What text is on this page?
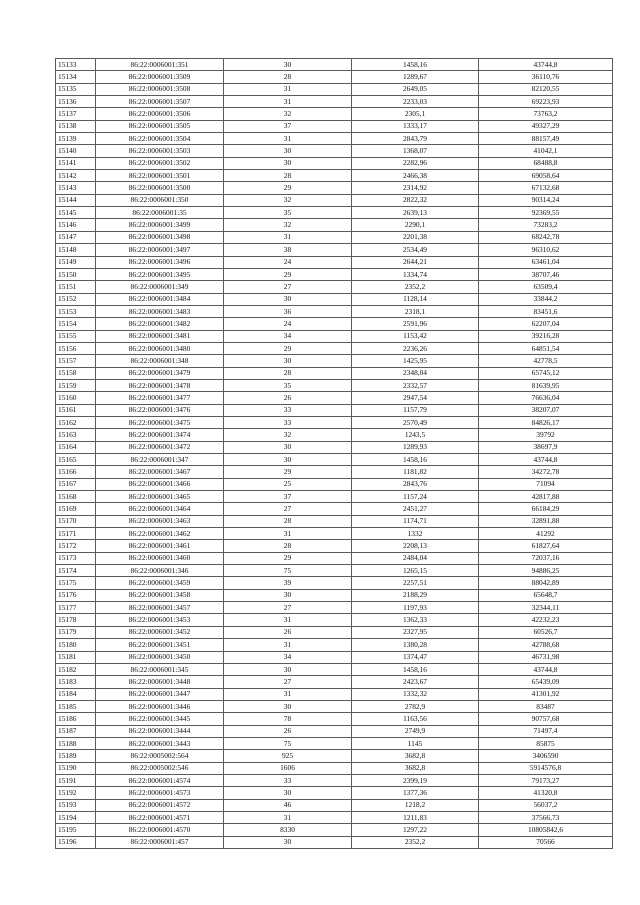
15133	86:22:0006001:351	30	1458,16	43744,8
15134	86:22:0006001:3509	28	1289,67	36110,76
15135	86:22:0006001:3508	31	2649,05	82120,55
15136	86:22:0006001:3507	31	2233,03	69223,93
15137	86:22:0006001:3506	32	2305,1	73763,2
15138	86:22:0006001:3505	37	1333,17	49327,29
15139	86:22:0006001:3504	31	2843,79	88157,49
15140	86:22:0006001:3503	30	1368,07	41042,1
15141	86:22:0006001:3502	30	2282,96	68488,8
15142	86:22:0006001:3501	28	2466,38	69058,64
15143	86:22:0006001:3500	29	2314,92	67132,68
15144	86:22:0006001:350	32	2822,32	90314,24
15145	86:22:0006001:35	35	2639,13	92369,55
15146	86:22:0006001:3499	32	2290,1	73283,2
15147	86:22:0006001:3498	31	2201,38	68242,78
15148	86:22:0006001:3497	38	2534,49	96310,62
15149	86:22:0006001:3496	24	2644,21	63461,04
15150	86:22:0006001:3495	29	1334,74	38707,46
15151	86:22:0006001:349	27	2352,2	63509,4
15152	86:22:0006001:3484	30	1128,14	33844,2
15153	86:22:0006001:3483	36	2318,1	83451,6
15154	86:22:0006001:3482	24	2591,96	62207,04
15155	86:22:0006001:3481	34	1153,42	39216,28
15156	86:22:0006001:3480	29	2236,26	64851,54
15157	86:22:0006001:348	30	1425,95	42778,5
15158	86:22:0006001:3479	28	2348,04	65745,12
15159	86:22:0006001:3478	35	2332,57	81639,95
15160	86:22:0006001:3477	26	2947,54	76636,04
15161	86:22:0006001:3476	33	1157,79	38207,07
15162	86:22:0006001:3475	33	2570,49	84826,17
15163	86:22:0006001:3474	32	1243,5	39792
15164	86:22:0006001:3472	30	1289,93	38697,9
15165	86:22:0006001:347	30	1458,16	43744,8
15166	86:22:0006001:3467	29	1181,82	34272,78
15167	86:22:0006001:3466	25	2843,76	71094
15168	86:22:0006001:3465	37	1157,24	42817,88
15169	86:22:0006001:3464	27	2451,27	66184,29
15170	86:22:0006001:3463	28	1174,71	32891,88
15171	86:22:0006001:3462	31	1332	41292
15172	86:22:0006001:3461	28	2208,13	61827,64
15173	86:22:0006001:3460	29	2484,04	72037,16
15174	86:22:0006001:346	75	1265,15	94886,25
15175	86:22:0006001:3459	39	2257,51	88042,89
15176	86:22:0006001:3458	30	2188,29	65648,7
15177	86:22:0006001:3457	27	1197,93	32344,11
15178	86:22:0006001:3453	31	1362,33	42232,23
15179	86:22:0006001:3452	26	2327,95	60526,7
15180	86:22:0006001:3451	31	1380,28	42788,68
15181	86:22:0006001:3450	34	1374,47	46731,98
15182	86:22:0006001:345	30	1458,16	43744,8
15183	86:22:0006001:3448	27	2423,67	65439,09
15184	86:22:0006001:3447	31	1332,32	41301,92
15185	86:22:0006001:3446	30	2782,9	83487
15186	86:22:0006001:3445	78	1163,56	90757,68
15187	86:22:0006001:3444	26	2749,9	71497,4
15188	86:22:0006001:3443	75	1145	85875
15189	86:22:0005002:564	925	3682,8	3406590
15190	86:22:0005002:546	1606	3682,8	5914576,8
15191	86:22:0006001:4574	33	2399,19	79173,27
15192	86:22:0006001:4573	30	1377,36	41320,8
15193	86:22:0006001:4572	46	1218,2	56037,2
15194	86:22:0006001:4571	31	1211,83	37566,73
15195	86:22:0006001:4570	8330	1297,22	10805842,6
15196	86:22:0006001:457	30	2352,2	70566
